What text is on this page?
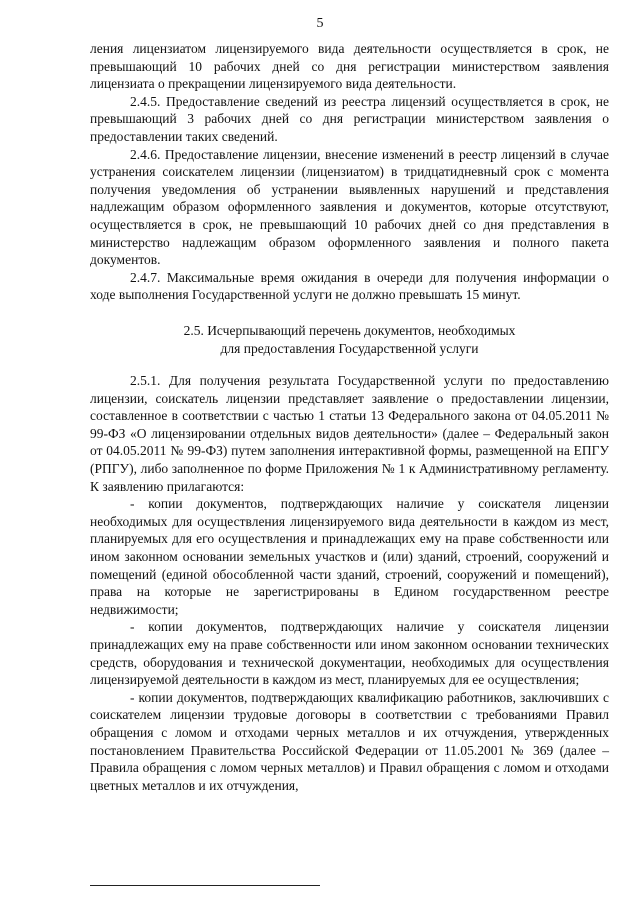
5

ления лицензиатом лицензируемого вида деятельности осуществляется в срок, не превышающий 10 рабочих дней со дня регистрации министерством заявления лицензиата о прекращении лицензируемого вида деятельности.

2.4.5. Предоставление сведений из реестра лицензий осуществляется в срок, не превышающий 3 рабочих дней со дня регистрации министерством заявления о предоставлении таких сведений.

2.4.6. Предоставление лицензии, внесение изменений в реестр лицензий в случае устранения соискателем лицензии (лицензиатом) в тридцатидневный срок с момента получения уведомления об устранении выявленных нарушений и представления надлежащим образом оформленного заявления и документов, которые отсутствуют, осуществляется в срок, не превышающий 10 рабочих дней со дня представления в министерство надлежащим образом оформленного заявления и полного пакета документов.

2.4.7. Максимальные время ожидания в очереди для получения информации о ходе выполнения Государственной услуги не должно превышать 15 минут.

2.5. Исчерпывающий перечень документов, необходимых
для предоставления Государственной услуги

2.5.1. Для получения результата Государственной услуги по предоставлению лицензии, соискатель лицензии представляет заявление о предоставлении лицензии, составленное в соответствии с частью 1 статьи 13 Федерального закона от 04.05.2011 № 99-ФЗ «О лицензировании отдельных видов деятельности» (далее – Федеральный закон от 04.05.2011 № 99-ФЗ) путем заполнения интерактивной формы, размещенной на ЕПГУ (РПГУ), либо заполненное по форме Приложения № 1 к Административному регламенту. К заявлению прилагаются:

- копии документов, подтверждающих наличие у соискателя лицензии необходимых для осуществления лицензируемого вида деятельности в каждом из мест, планируемых для его осуществления и принадлежащих ему на праве собственности или ином законном основании земельных участков и (или) зданий, строений, сооружений и помещений (единой обособленной части зданий, строений, сооружений и помещений), права на которые не зарегистрированы в Едином государственном реестре недвижимости;

- копии документов, подтверждающих наличие у соискателя лицензии принадлежащих ему на праве собственности или ином законном основании технических средств, оборудования и технической документации, необходимых для осуществления лицензируемой деятельности в каждом из мест, планируемых для ее осуществления;

- копии документов, подтверждающих квалификацию работников, заключивших с соискателем лицензии трудовые договоры в соответствии с требованиями Правил обращения с ломом и отходами черных металлов и их отчуждения, утвержденных постановлением Правительства Российской Федерации от 11.05.2001 № 369 (далее – Правила обращения с ломом черных металлов) и Правил обращения с ломом и отходами цветных металлов и их отчуждения,
